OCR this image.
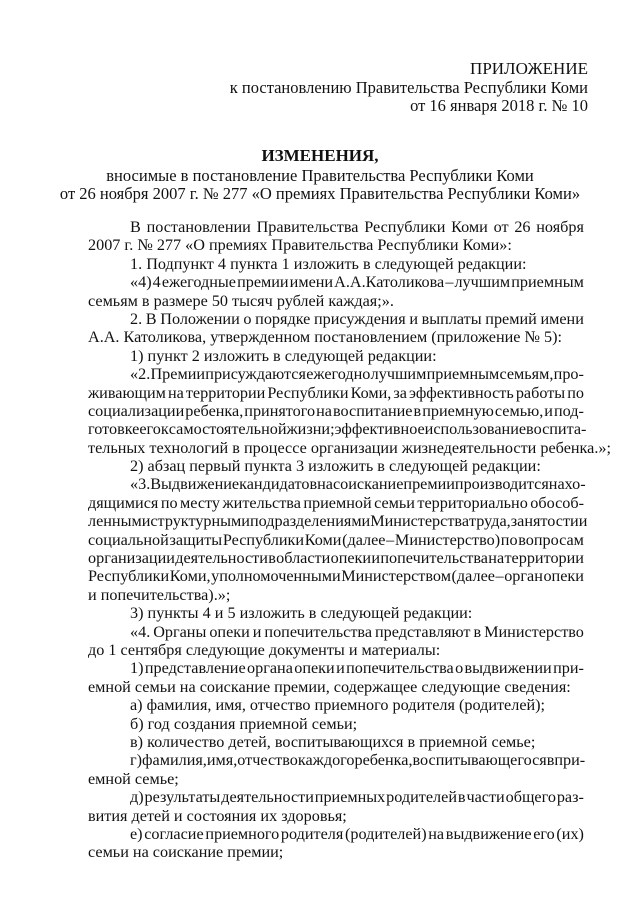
ПРИЛОЖЕНИЕ
к постановлению Правительства Республики Коми
от 16 января 2018 г. № 10
ИЗМЕНЕНИЯ,
вносимые в постановление Правительства Республики Коми
от 26 ноября 2007 г. № 277 «О премиях Правительства Республики Коми»
В постановлении Правительства Республики Коми от 26 ноября
2007 г. № 277 «О премиях Правительства Республики Коми»:
1. Подпункт 4 пункта 1 изложить в следующей редакции:
«4) 4 ежегодные премии имени А.А.Католикова – лучшим приемным
семьям в размере 50 тысяч рублей каждая;».
2. В Положении о порядке присуждения и выплаты премий имени
А.А. Католикова, утвержденном постановлением (приложение № 5):
1) пункт 2 изложить в следующей редакции:
«2. Премии присуждаются ежегодно лучшим приемным семьям, про-
живающим на территории Республики Коми, за эффективность работы по
социализации ребенка, принятого на воспитание в приемную семью, и под-
готовке его к самостоятельной жизни; эффективное использование воспита-
тельных технологий в процессе организации жизнедеятельности ребенка.»;
2) абзац первый пункта 3 изложить в следующей редакции:
«3. Выдвижение кандидатов на соискание премии производится нахо-
дящимися по месту жительства приемной семьи территориально обособ-
ленными структурными подразделениями Министерства труда, занятости и
социальной защиты Республики Коми (далее – Министерство) по вопросам
организации деятельности в области опеки и попечительства на территории
Республики Коми, уполномоченными Министерством (далее – орган опеки
и попечительства).»;
3) пункты 4 и 5 изложить в следующей редакции:
«4. Органы опеки и попечительства представляют в Министерство
до 1 сентября следующие документы и материалы:
1) представление органа опеки и попечительства о выдвижении при-
емной семьи на соискание премии, содержащее следующие сведения:
а) фамилия, имя, отчество приемного родителя (родителей);
б) год создания приемной семьи;
в) количество детей, воспитывающихся в приемной семье;
г) фамилия, имя, отчество каждого ребенка, воспитывающегося в при-
емной семье;
д) результаты деятельности приемных родителей в части общего раз-
вития детей и состояния их здоровья;
е) согласие приемного родителя (родителей) на выдвижение его (их)
семьи на соискание премии;
